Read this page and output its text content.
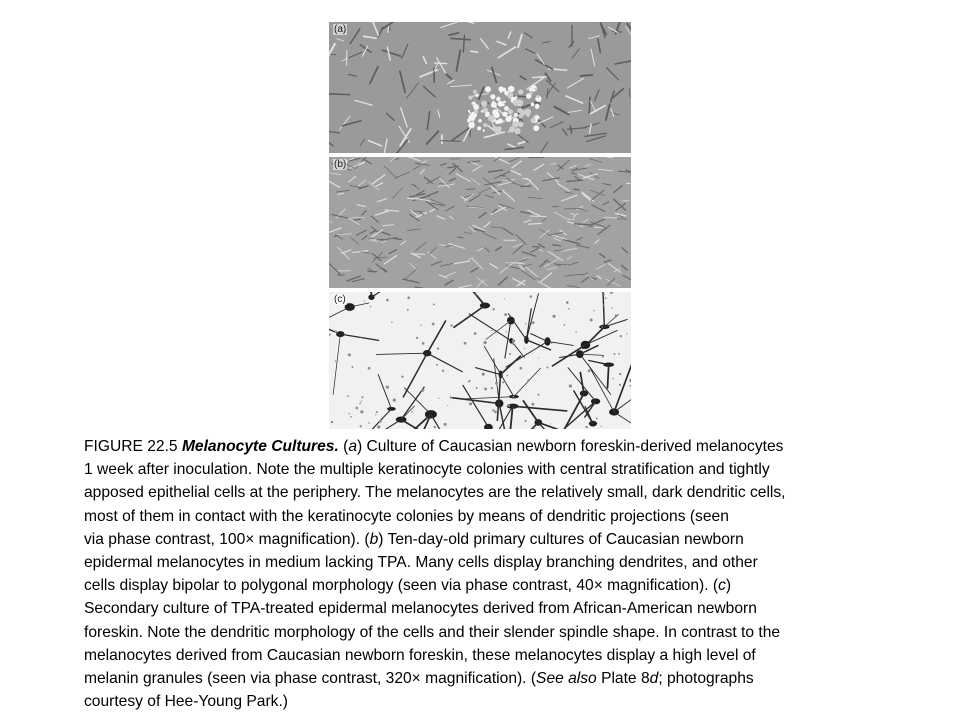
(a)
(b)
(c)
FIGURE 22.5 Melanocyte Cultures. (a) Culture of Caucasian newborn foreskin-derived melanocytes
1 week after inoculation. Note the multiple keratinocyte colonies with central stratification and tightly
apposed epithelial cells at the periphery. The melanocytes are the relatively small, dark dendritic cells,
most of them in contact with the keratinocyte colonies by means of dendritic projections (seen
via phase contrast, 100× magnification). (b) Ten-day-old primary cultures of Caucasian newborn
epidermal melanocytes in medium lacking TPA. Many cells display branching dendrites, and other
cells display bipolar to polygonal morphology (seen via phase contrast, 40× magnification). (c)
Secondary culture of TPA-treated epidermal melanocytes derived from African-American newborn
foreskin. Note the dendritic morphology of the cells and their slender spindle shape. In contrast to the
melanocytes derived from Caucasian newborn foreskin, these melanocytes display a high level of
melanin granules (seen via phase contrast, 320× magnification). (See also Plate 8d; photographs
courtesy of Hee-Young Park.)
